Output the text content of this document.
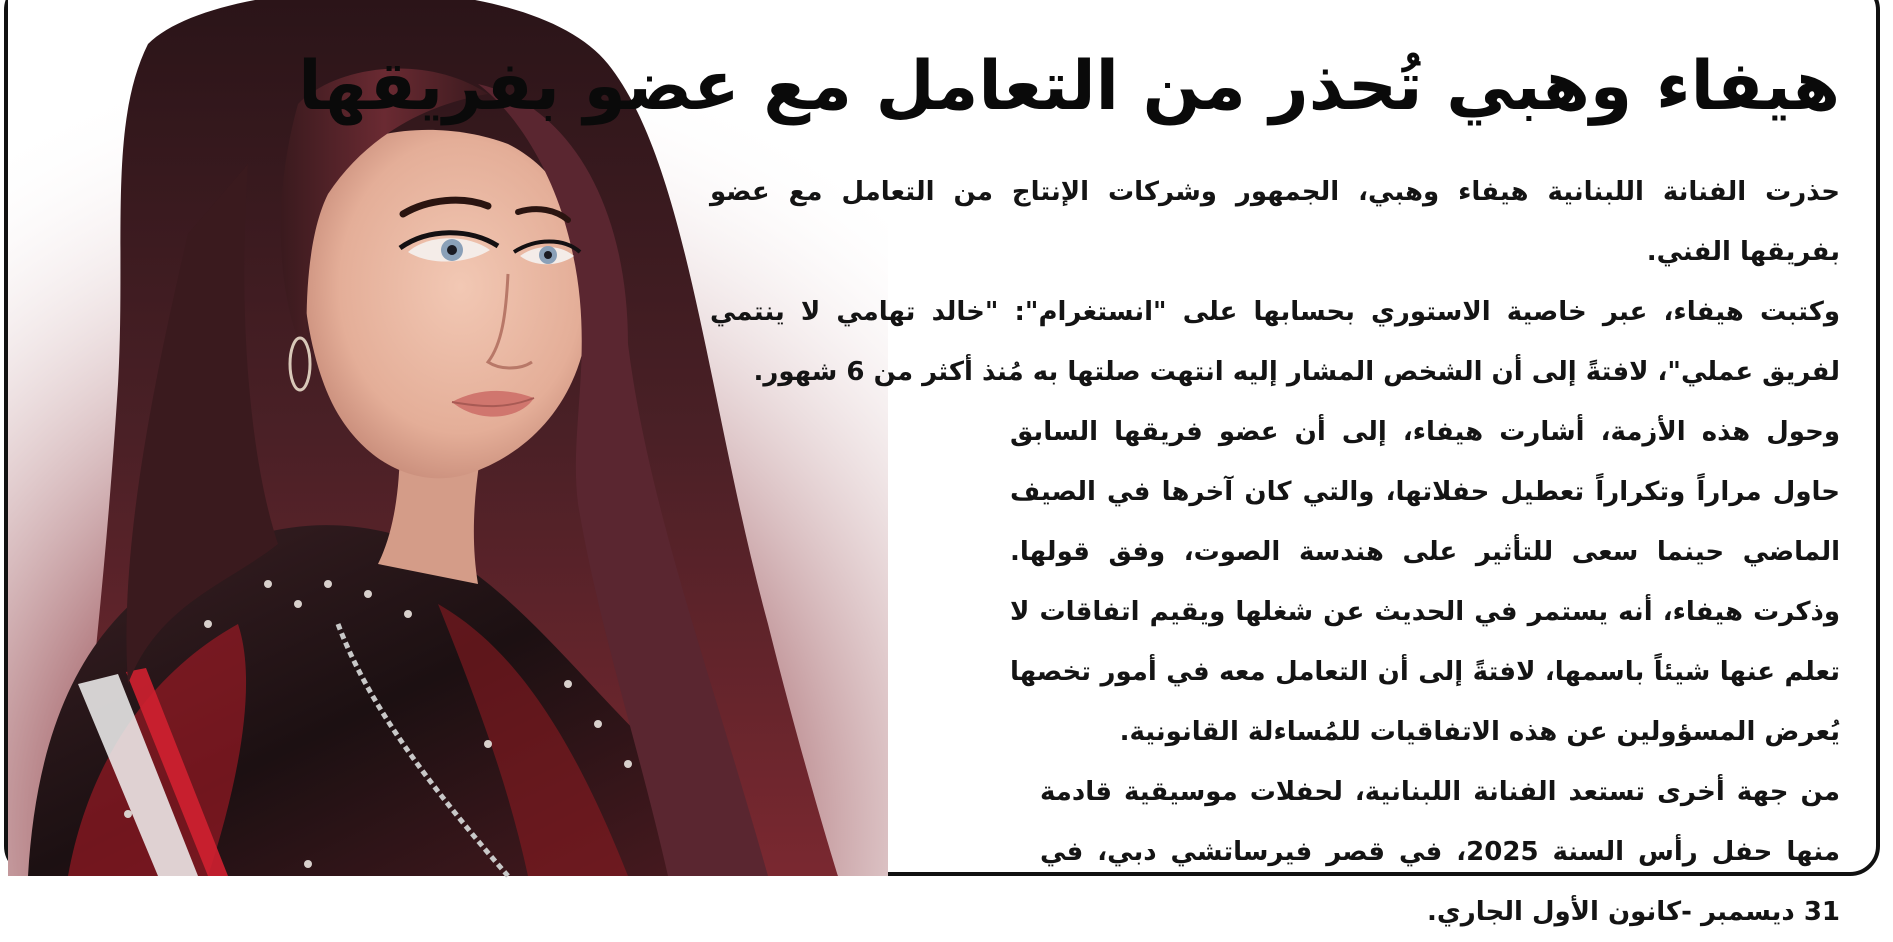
هيفاء وهبي تُحذر من التعامل مع عضو بفريقها

حذرت الفنانة اللبنانية هيفاء وهبي، الجمهور وشركات الإنتاج من التعامل مع عضو بفريقها الفني.

وكتبت هيفاء، عبر خاصية الاستوري بحسابها على "انستغرام": "خالد تهامي لا ينتمي لفريق عملي"، لافتةً إلى أن الشخص المشار إليه انتهت صلتها به مُنذ أكثر من 6 شهور.

وحول هذه الأزمة، أشارت هيفاء، إلى أن عضو فريقها السابق حاول مراراً وتكراراً تعطيل حفلاتها، والتي كان آخرها في الصيف الماضي حينما سعى للتأثير على هندسة الصوت، وفق قولها. وذكرت هيفاء، أنه يستمر في الحديث عن شغلها ويقيم اتفاقات لا تعلم عنها شيئاً باسمها، لافتةً إلى أن التعامل معه في أمور تخصها يُعرض المسؤولين عن هذه الاتفاقيات للمُساءلة القانونية.

من جهة أخرى تستعد الفنانة اللبنانية، لحفلات موسيقية قادمة منها حفل رأس السنة 2025، في قصر فيرساتشي دبي، في 31 ديسمبر -كانون الأول الجاري.
